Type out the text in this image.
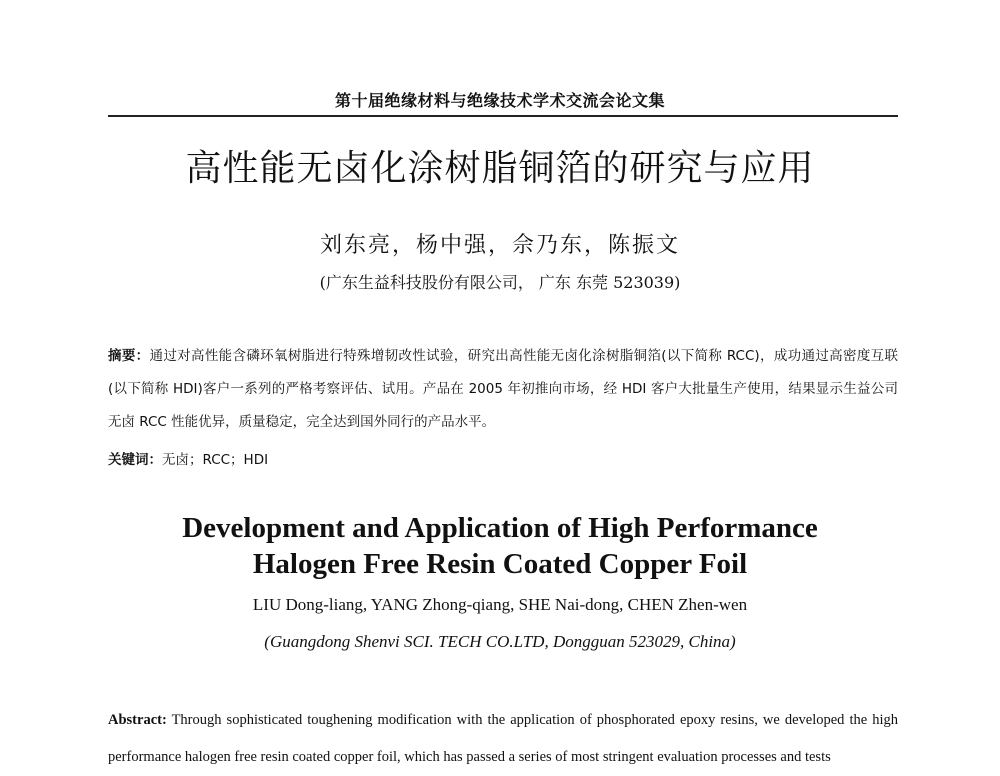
第十届绝缘材料与绝缘技术学术交流会论文集
高性能无卤化涂树脂铜箔的研究与应用
刘东亮，杨中强，佘乃东，陈振文
(广东生益科技股份有限公司， 广东 东莞 523039)
摘要：通过对高性能含磷环氧树脂进行特殊增韧改性试验，研究出高性能无卤化涂树脂铜箔(以下简称 RCC)，成功通过高密度互联(以下简称 HDI)客户一系列的严格考察评估、试用。产品在 2005 年初推向市场，经 HDI 客户大批量生产使用，结果显示生益公司无卤 RCC 性能优异，质量稳定，完全达到国外同行的产品水平。
关键词：无卤；RCC；HDI
Development and Application of High Performance
Halogen Free Resin Coated Copper Foil
LIU Dong-liang, YANG Zhong-qiang, SHE Nai-dong, CHEN Zhen-wen
(Guangdong Shenvi SCI. TECH CO.LTD, Dongguan 523029, China)
Abstract: Through sophisticated toughening modification with the application of phosphorated epoxy resins, we developed the high performance halogen free resin coated copper foil, which has passed a series of most stringent evaluation processes and tests
